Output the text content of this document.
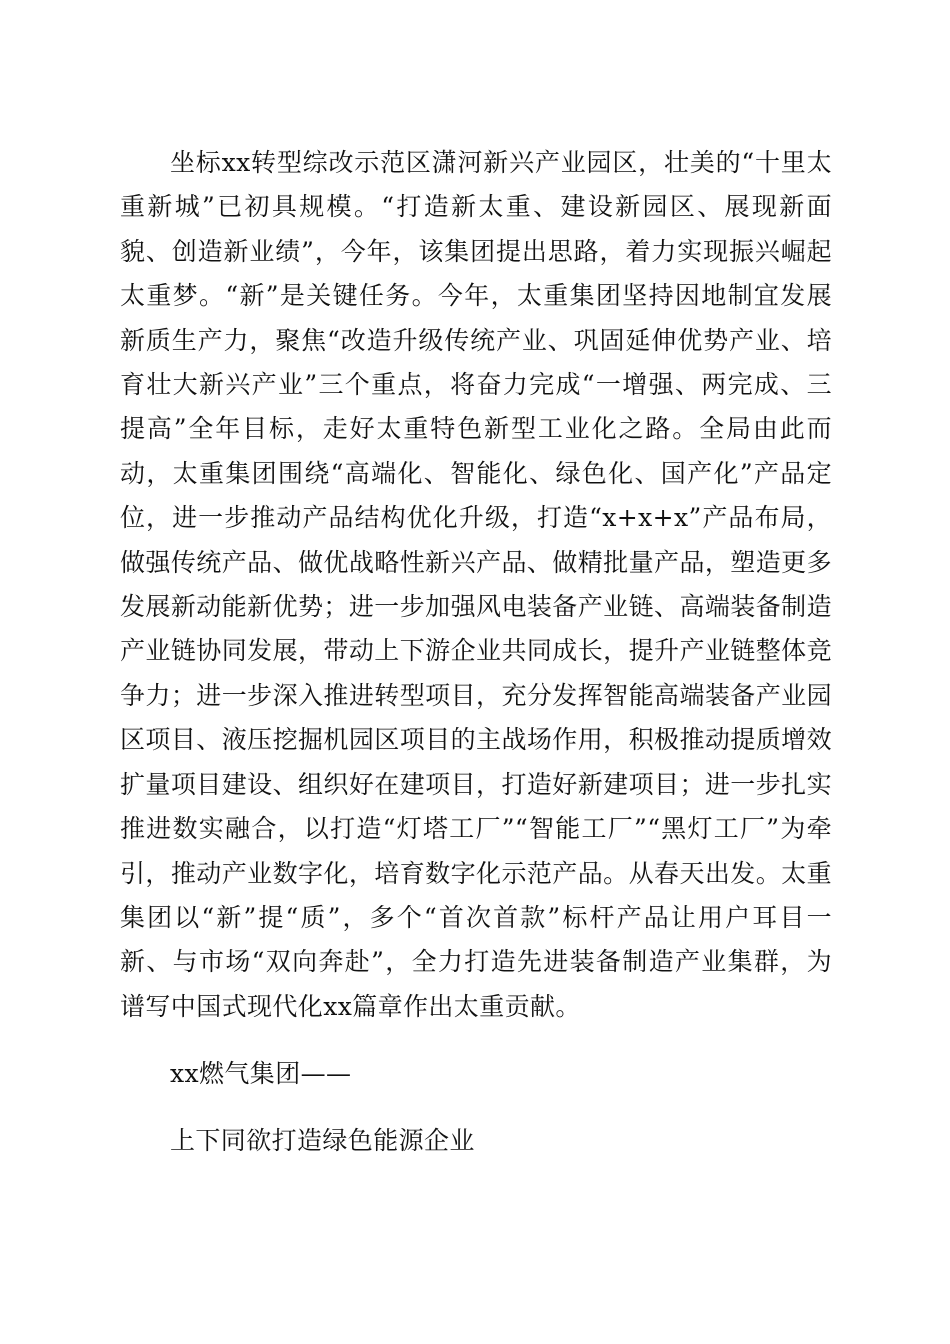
坐标xx转型综改示范区潇河新兴产业园区，壮美的“十里太重新城”已初具规模。“打造新太重、建设新园区、展现新面貌、创造新业绩”，今年，该集团提出思路，着力实现振兴崛起太重梦。“新”是关键任务。今年，太重集团坚持因地制宜发展新质生产力，聚焦“改造升级传统产业、巩固延伸优势产业、培育壮大新兴产业”三个重点，将奋力完成“一增强、两完成、三提高”全年目标，走好太重特色新型工业化之路。全局由此而动，太重集团围绕“高端化、智能化、绿色化、国产化”产品定位，进一步推动产品结构优化升级，打造“x+x+x”产品布局，做强传统产品、做优战略性新兴产品、做精批量产品，塑造更多发展新动能新优势；进一步加强风电装备产业链、高端装备制造产业链协同发展，带动上下游企业共同成长，提升产业链整体竞争力；进一步深入推进转型项目，充分发挥智能高端装备产业园区项目、液压挖掘机园区项目的主战场作用，积极推动提质增效扩量项目建设、组织好在建项目，打造好新建项目；进一步扎实推进数实融合，以打造“灯塔工厂”“智能工厂”“黑灯工厂”为牵引，推动产业数字化，培育数字化示范产品。从春天出发。太重集团以“新”提“质”，多个“首次首款”标杆产品让用户耳目一新、与市场“双向奔赴”，全力打造先进装备制造产业集群，为谱写中国式现代化xx篇章作出太重贡献。

xx燃气集团——

上下同欲打造绿色能源企业
